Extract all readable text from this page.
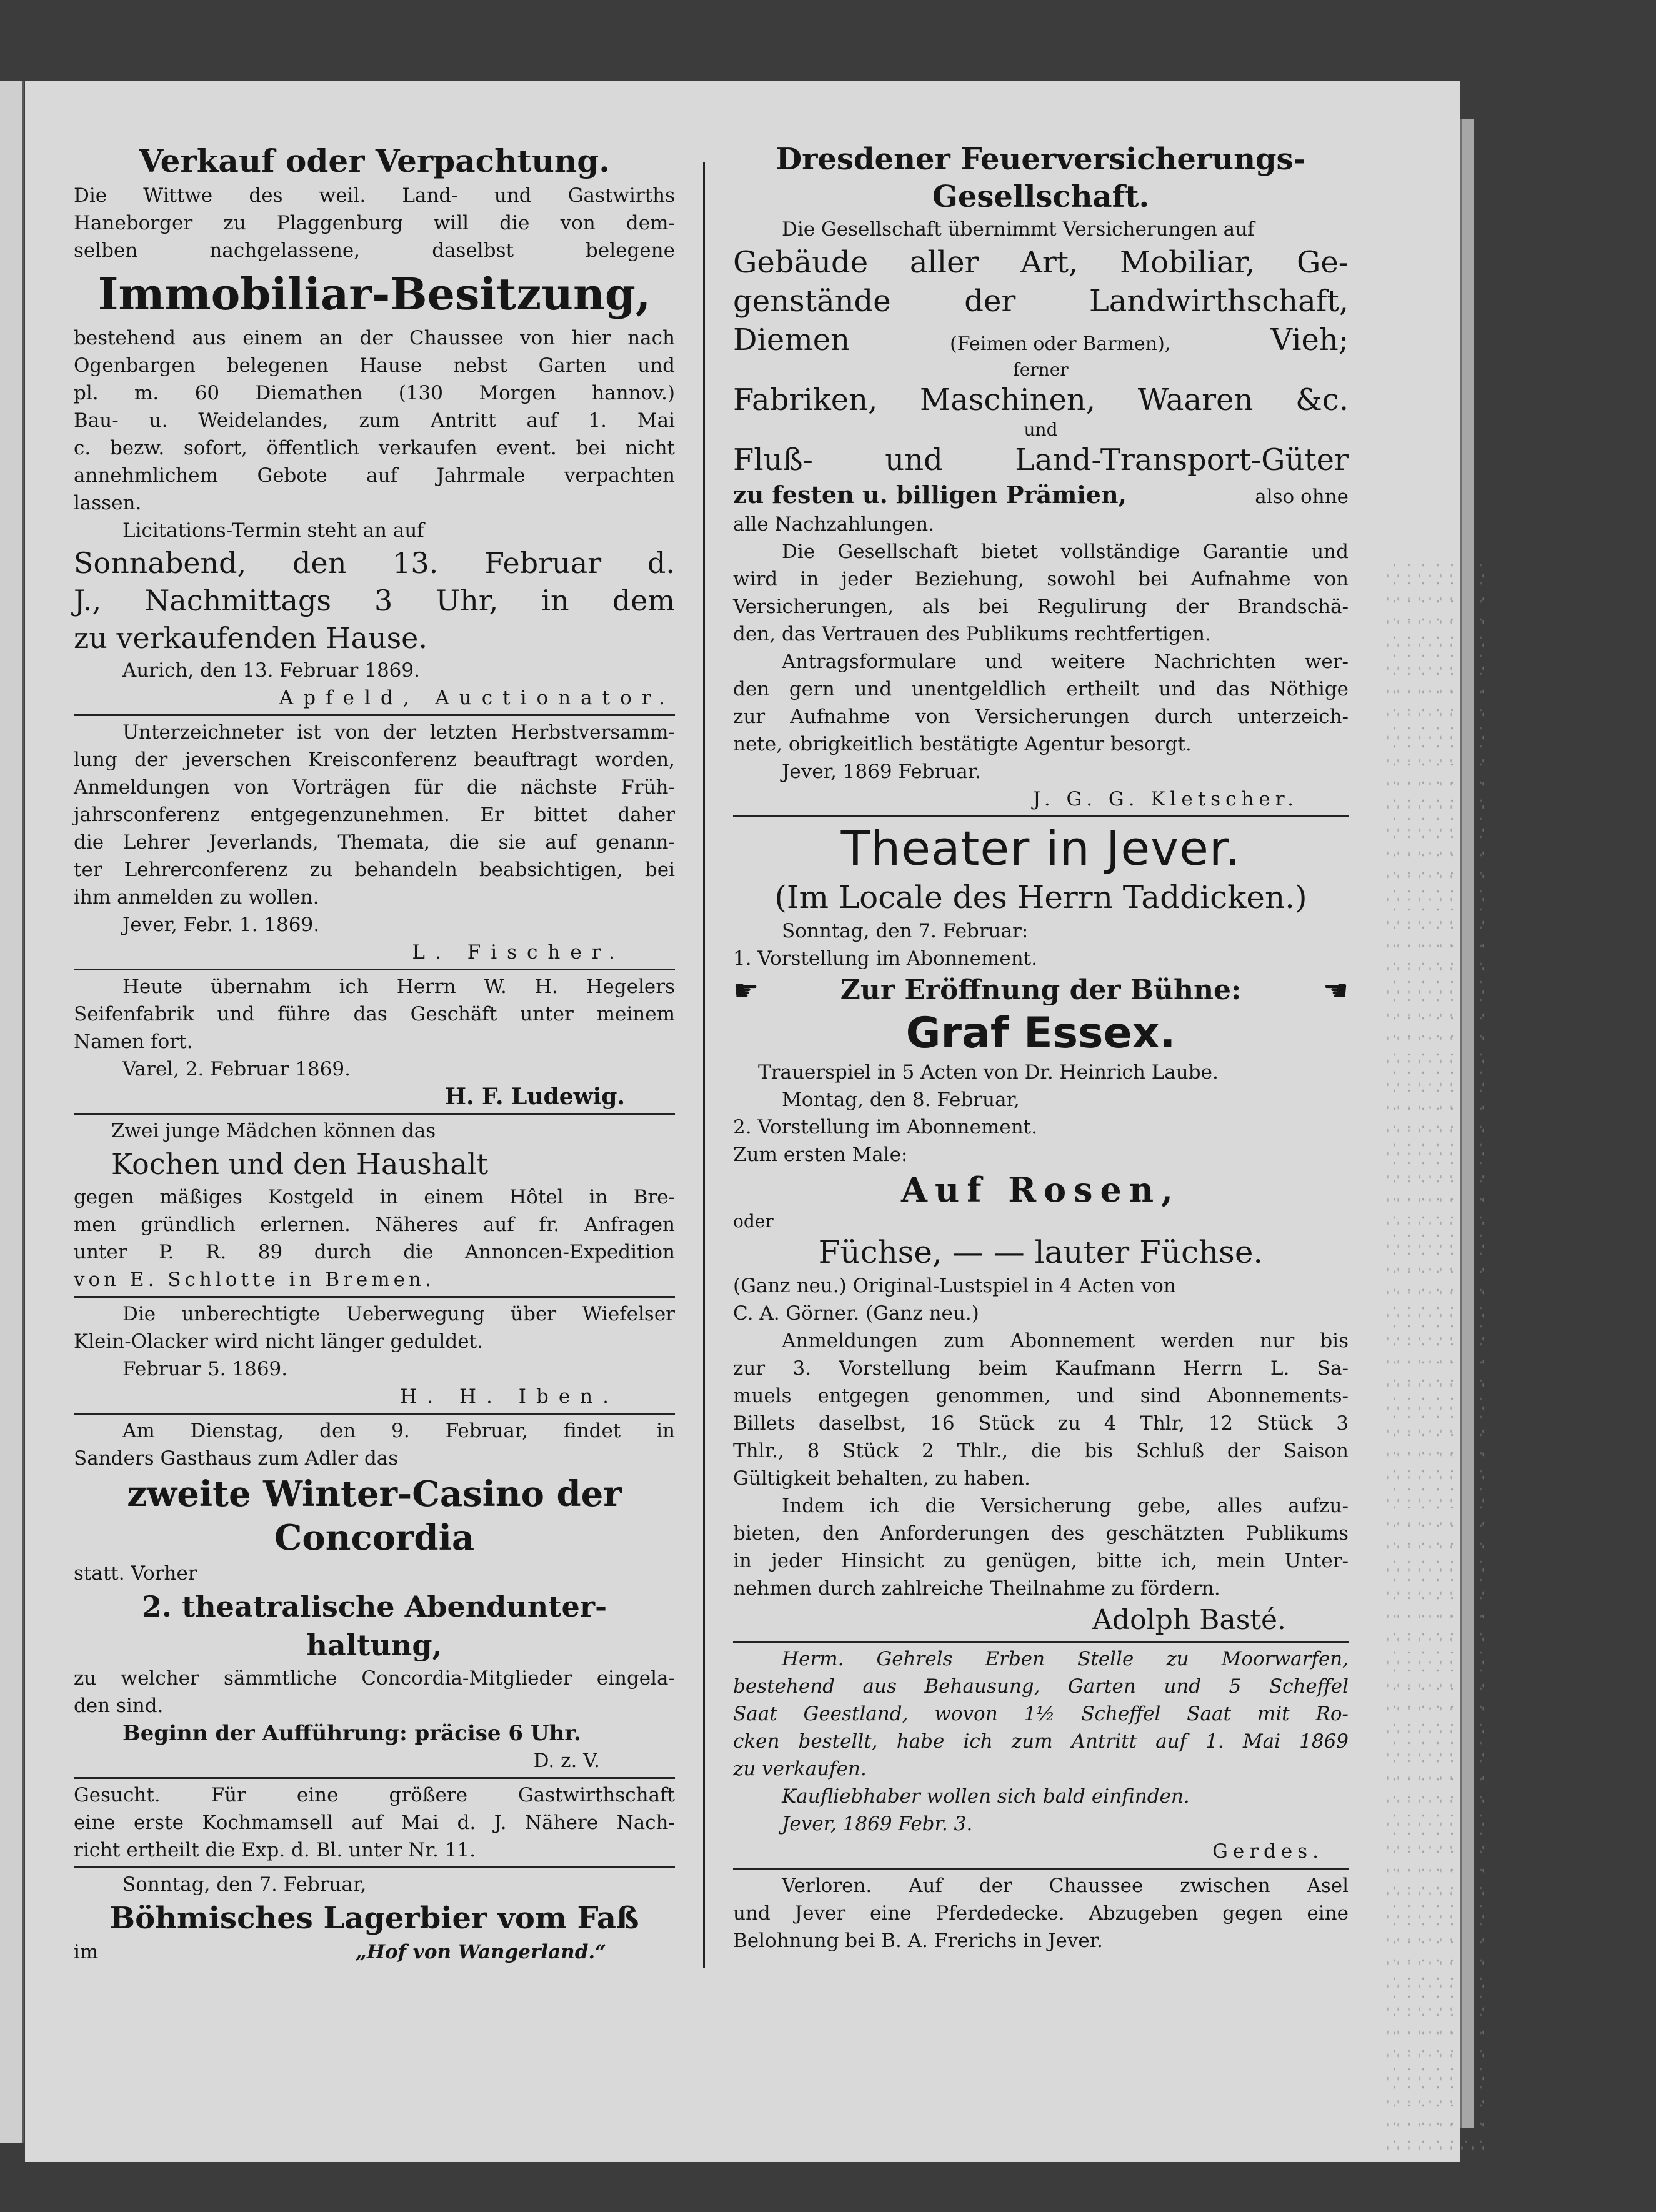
Verkauf oder Verpachtung.
Die Wittwe des weil. Land- und Gastwirths
Haneborger zu Plaggenburg will die von dem-
selben nachgelassene, daselbst belegene
Immobiliar-Besitzung,
bestehend aus einem an der Chaussee von hier nach
Ogenbargen belegenen Hause nebst Garten und
pl. m. 60 Diemathen (130 Morgen hannov.)
Bau- u. Weidelandes, zum Antritt auf 1. Mai
c. bezw. sofort, öffentlich verkaufen event. bei nicht
annehmlichem Gebote auf Jahrmale verpachten
lassen.
Licitations-Termin steht an auf
Sonnabend, den 13. Februar d.
J., Nachmittags 3 Uhr, in dem
zu verkaufenden Hause.
Aurich, den 13. Februar 1869.
Apfeld, Auctionator.
Unterzeichneter ist von der letzten Herbstversamm-
lung der jeverschen Kreisconferenz beauftragt worden,
Anmeldungen von Vorträgen für die nächste Früh-
jahrsconferenz entgegenzunehmen. Er bittet daher
die Lehrer Jeverlands, Themata, die sie auf genann-
ter Lehrerconferenz zu behandeln beabsichtigen, bei
ihm anmelden zu wollen.
Jever, Febr. 1. 1869.
L. Fischer.
Heute übernahm ich Herrn W. H. Hegelers
Seifenfabrik und führe das Geschäft unter meinem
Namen fort.
Varel, 2. Februar 1869.
H. F. Ludewig.
Zwei junge Mädchen können das
Kochen und den Haushalt
gegen mäßiges Kostgeld in einem Hôtel in Bre-
men gründlich erlernen. Näheres auf fr. Anfragen
unter P. R. 89 durch die Annoncen-Expedition
von E. Schlotte in Bremen.
Die unberechtigte Ueberwegung über Wiefelser
Klein-Olacker wird nicht länger geduldet.
Februar 5. 1869.
H. H. Iben.
Am Dienstag, den 9. Februar, findet in
Sanders Gasthaus zum Adler das
zweite Winter-Casino der
Concordia
statt. Vorher
2. theatralische Abendunter-
haltung,
zu welcher sämmtliche Concordia-Mitglieder eingela-
den sind.
Beginn der Aufführung: präcise 6 Uhr.
D. z. V.
Gesucht. Für eine größere Gastwirthschaft
eine erste Kochmamsell auf Mai d. J. Nähere Nach-
richt ertheilt die Exp. d. Bl. unter Nr. 11.
Sonntag, den 7. Februar,
Böhmisches Lagerbier vom Faß
im	„Hof von Wangerland.“
Dresdener Feuerversicherungs-
Gesellschaft.
Die Gesellschaft übernimmt Versicherungen auf
Gebäude aller Art, Mobiliar, Ge-
genstände der Landwirthschaft,
Diemen	(Feimen oder Barmen),	Vieh;
ferner
Fabriken, Maschinen, Waaren &c.
und
Fluß- und Land-Transport-Güter
zu festen u. billigen Prämien,	also ohne
alle Nachzahlungen.
Die Gesellschaft bietet vollständige Garantie und
wird in jeder Beziehung, sowohl bei Aufnahme von
Versicherungen, als bei Regulirung der Brandschä-
den, das Vertrauen des Publikums rechtfertigen.
Antragsformulare und weitere Nachrichten wer-
den gern und unentgeldlich ertheilt und das Nöthige
zur Aufnahme von Versicherungen durch unterzeich-
nete, obrigkeitlich bestätigte Agentur besorgt.
Jever, 1869 Februar.
J. G. G. Kletscher.
Theater in Jever.
(Im Locale des Herrn Taddicken.)
Sonntag, den 7. Februar:
1. Vorstellung im Abonnement.
☛	Zur Eröffnung der Bühne:	☚
Graf Essex.
Trauerspiel in 5 Acten von Dr. Heinrich Laube.
Montag, den 8. Februar,
2. Vorstellung im Abonnement.
Zum ersten Male:
Auf Rosen,
oder
Füchse, — — lauter Füchse.
(Ganz neu.) Original-Lustspiel in 4 Acten von
C. A. Görner. (Ganz neu.)
Anmeldungen zum Abonnement werden nur bis
zur 3. Vorstellung beim Kaufmann Herrn L. Sa-
muels entgegen genommen, und sind Abonnements-
Billets daselbst, 16 Stück zu 4 Thlr, 12 Stück 3
Thlr., 8 Stück 2 Thlr., die bis Schluß der Saison
Gültigkeit behalten, zu haben.
Indem ich die Versicherung gebe, alles aufzu-
bieten, den Anforderungen des geschätzten Publikums
in jeder Hinsicht zu genügen, bitte ich, mein Unter-
nehmen durch zahlreiche Theilnahme zu fördern.
Adolph Basté.
Herm. Gehrels Erben Stelle zu Moorwarfen,
bestehend aus Behausung, Garten und 5 Scheffel
Saat Geestland, wovon 1½ Scheffel Saat mit Ro-
cken bestellt, habe ich zum Antritt auf 1. Mai 1869
zu verkaufen.
Kaufliebhaber wollen sich bald einfinden.
Jever, 1869 Febr. 3.
Gerdes.
Verloren. Auf der Chaussee zwischen Asel
und Jever eine Pferdedecke. Abzugeben gegen eine
Belohnung bei B. A. Frerichs in Jever.
